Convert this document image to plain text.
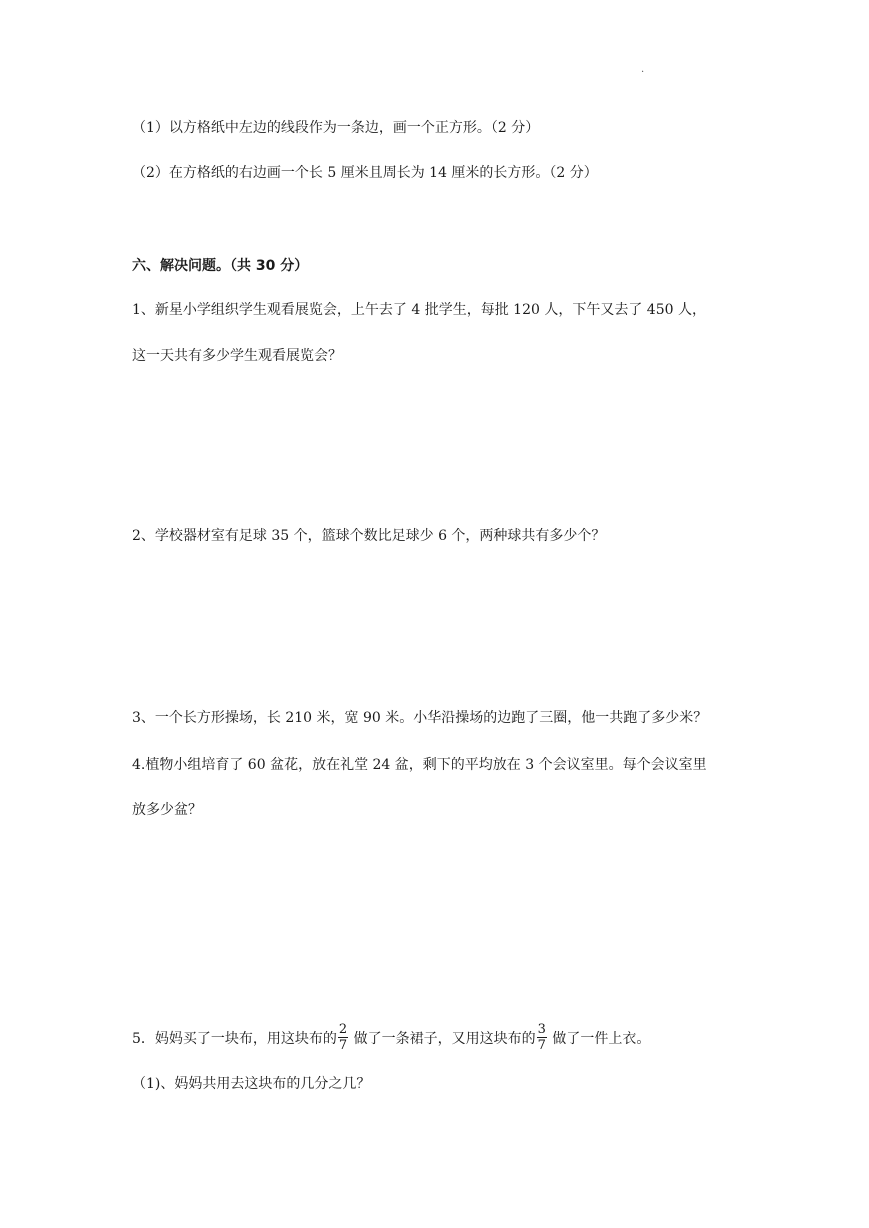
.
（1）以方格纸中左边的线段作为一条边，画一个正方形。（2 分）
（2）在方格纸的右边画一个长 5 厘米且周长为 14 厘米的长方形。（2 分）
六、解决问题。（共 30 分）
1、新星小学组织学生观看展览会，上午去了 4 批学生，每批 120 人，下午又去了 450 人，
这一天共有多少学生观看展览会？
2、学校器材室有足球 35 个，篮球个数比足球少 6 个，两种球共有多少个？
3、一个长方形操场，长 210 米，宽 90 米。小华沿操场的边跑了三圈，他一共跑了多少米？
4.植物小组培育了 60 盆花，放在礼堂 24 盆，剩下的平均放在 3 个会议室里。每个会议室里
放多少盆？
5．妈妈买了一块布，用这块布的 $\frac{2}{7}$ 做了一条裙子，又用这块布的 $\frac{3}{7}$ 做了一件上衣。
（1)、妈妈共用去这块布的几分之几？
